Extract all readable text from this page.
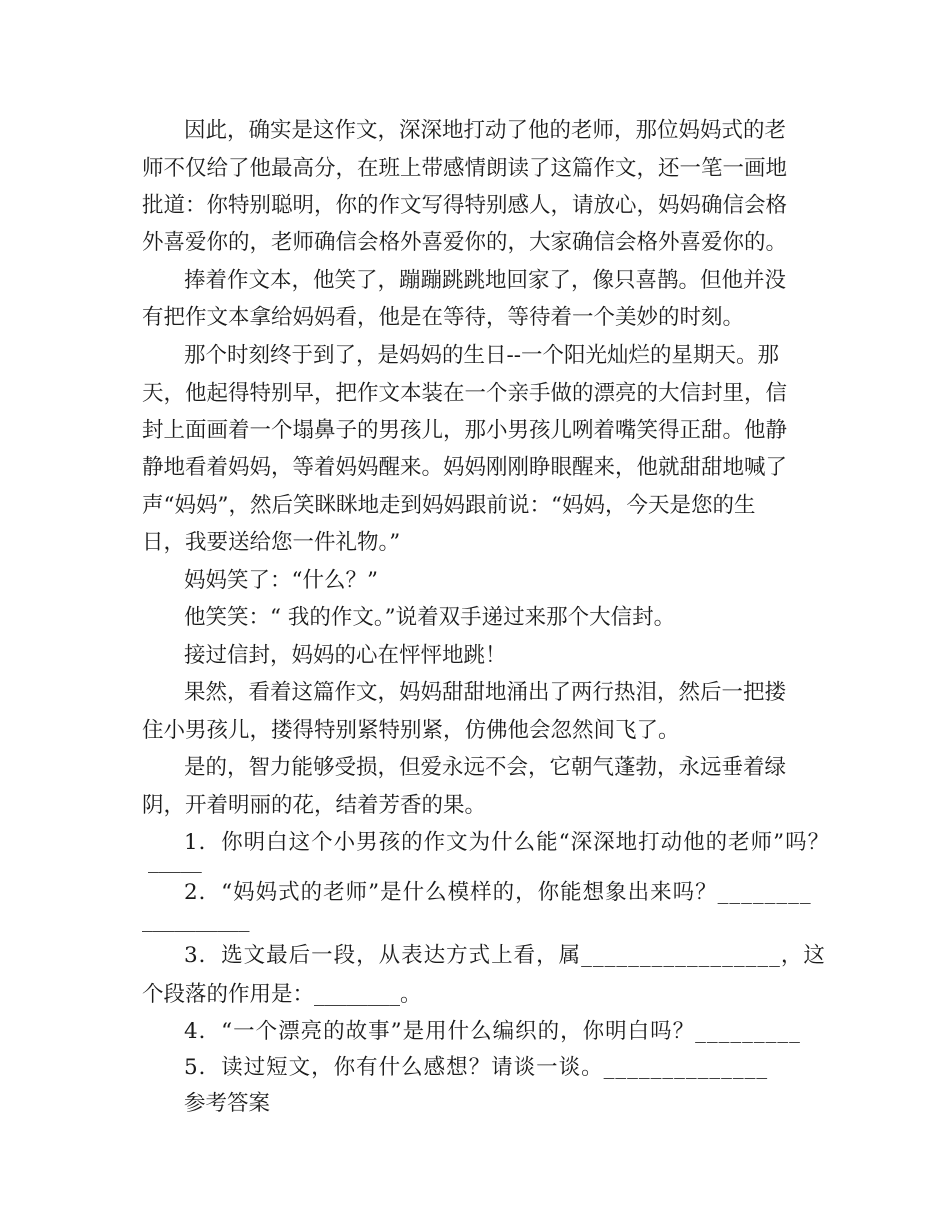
因此，确实是这作文，深深地打动了他的老师，那位妈妈式的老
师不仅给了他最高分，在班上带感情朗读了这篇作文，还一笔一画地
批道：你特别聪明，你的作文写得特别感人，请放心，妈妈确信会格
外喜爱你的，老师确信会格外喜爱你的，大家确信会格外喜爱你的。
捧着作文本，他笑了，蹦蹦跳跳地回家了，像只喜鹊。但他并没
有把作文本拿给妈妈看，他是在等待，等待着一个美妙的时刻。
那个时刻终于到了，是妈妈的生日--一个阳光灿烂的星期天。那
天，他起得特别早，把作文本装在一个亲手做的漂亮的大信封里，信
封上面画着一个塌鼻子的男孩儿，那小男孩儿咧着嘴笑得正甜。他静
静地看着妈妈，等着妈妈醒来。妈妈刚刚睁眼醒来，他就甜甜地喊了
声“妈妈”，然后笑眯眯地走到妈妈跟前说：“妈妈，今天是您的生
日，我要送给您一件礼物。”
妈妈笑了：“什么？”
他笑笑：“ 我的作文。”说着双手递过来那个大信封。
接过信封，妈妈的心在怦怦地跳！
果然，看着这篇作文，妈妈甜甜地涌出了两行热泪，然后一把搂
住小男孩儿，搂得特别紧特别紧，仿佛他会忽然间飞了。
是的，智力能够受损，但爱永远不会，它朝气蓬勃，永远垂着绿
阴，开着明丽的花，结着芳香的果。
1．你明白这个小男孩的作文为什么能“深深地打动他的老师”吗？
_____
2．“妈妈式的老师”是什么模样的，你能想象出来吗？________
__________
3．选文最后一段，从表达方式上看，属_________________，这
个段落的作用是：________。
4．“一个漂亮的故事”是用什么编织的，你明白吗？_________
5．读过短文，你有什么感想？请谈一谈。______________
参考答案
